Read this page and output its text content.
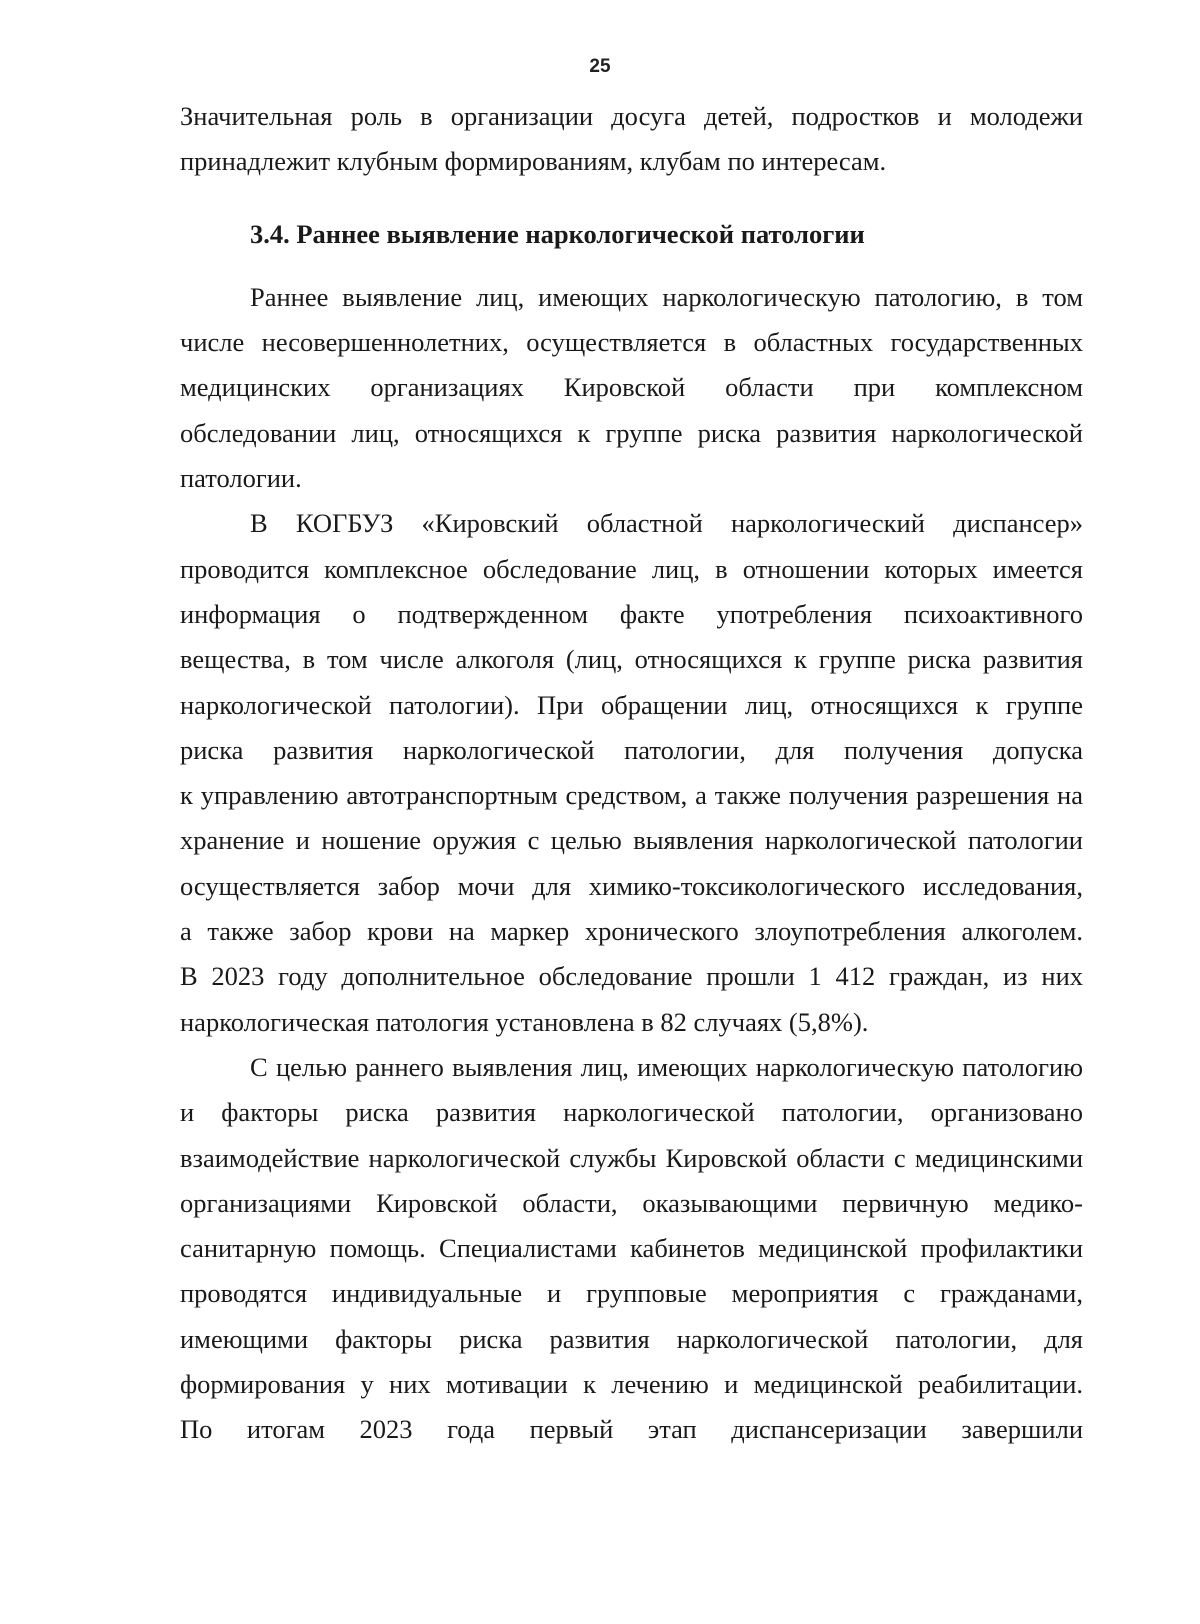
25

Значительная роль в организации досуга детей, подростков и молодежи
принадлежит клубным формированиям, клубам по интересам.

3.4. Раннее выявление наркологической патологии

Раннее выявление лиц, имеющих наркологическую патологию, в том
числе несовершеннолетних, осуществляется в областных государственных
медицинских организациях Кировской области при комплексном
обследовании лиц, относящихся к группе риска развития наркологической
патологии.

В КОГБУЗ «Кировский областной наркологический диспансер»
проводится комплексное обследование лиц, в отношении которых имеется
информация о подтвержденном факте употребления психоактивного
вещества, в том числе алкоголя (лиц, относящихся к группе риска развития
наркологической патологии). При обращении лиц, относящихся к группе
риска развития наркологической патологии, для получения допуска
к управлению автотранспортным средством, а также получения разрешения на
хранение и ношение оружия с целью выявления наркологической патологии
осуществляется забор мочи для химико-токсикологического исследования,
а также забор крови на маркер хронического злоупотребления алкоголем.
В 2023 году дополнительное обследование прошли 1 412 граждан, из них
наркологическая патология установлена в 82 случаях (5,8%).

С целью раннего выявления лиц, имеющих наркологическую патологию
и факторы риска развития наркологической патологии, организовано
взаимодействие наркологической службы Кировской области с медицинскими
организациями Кировской области, оказывающими первичную медико-
санитарную помощь. Специалистами кабинетов медицинской профилактики
проводятся индивидуальные и групповые мероприятия с гражданами,
имеющими факторы риска развития наркологической патологии, для
формирования у них мотивации к лечению и медицинской реабилитации.
По итогам 2023 года первый этап диспансеризации завершили
